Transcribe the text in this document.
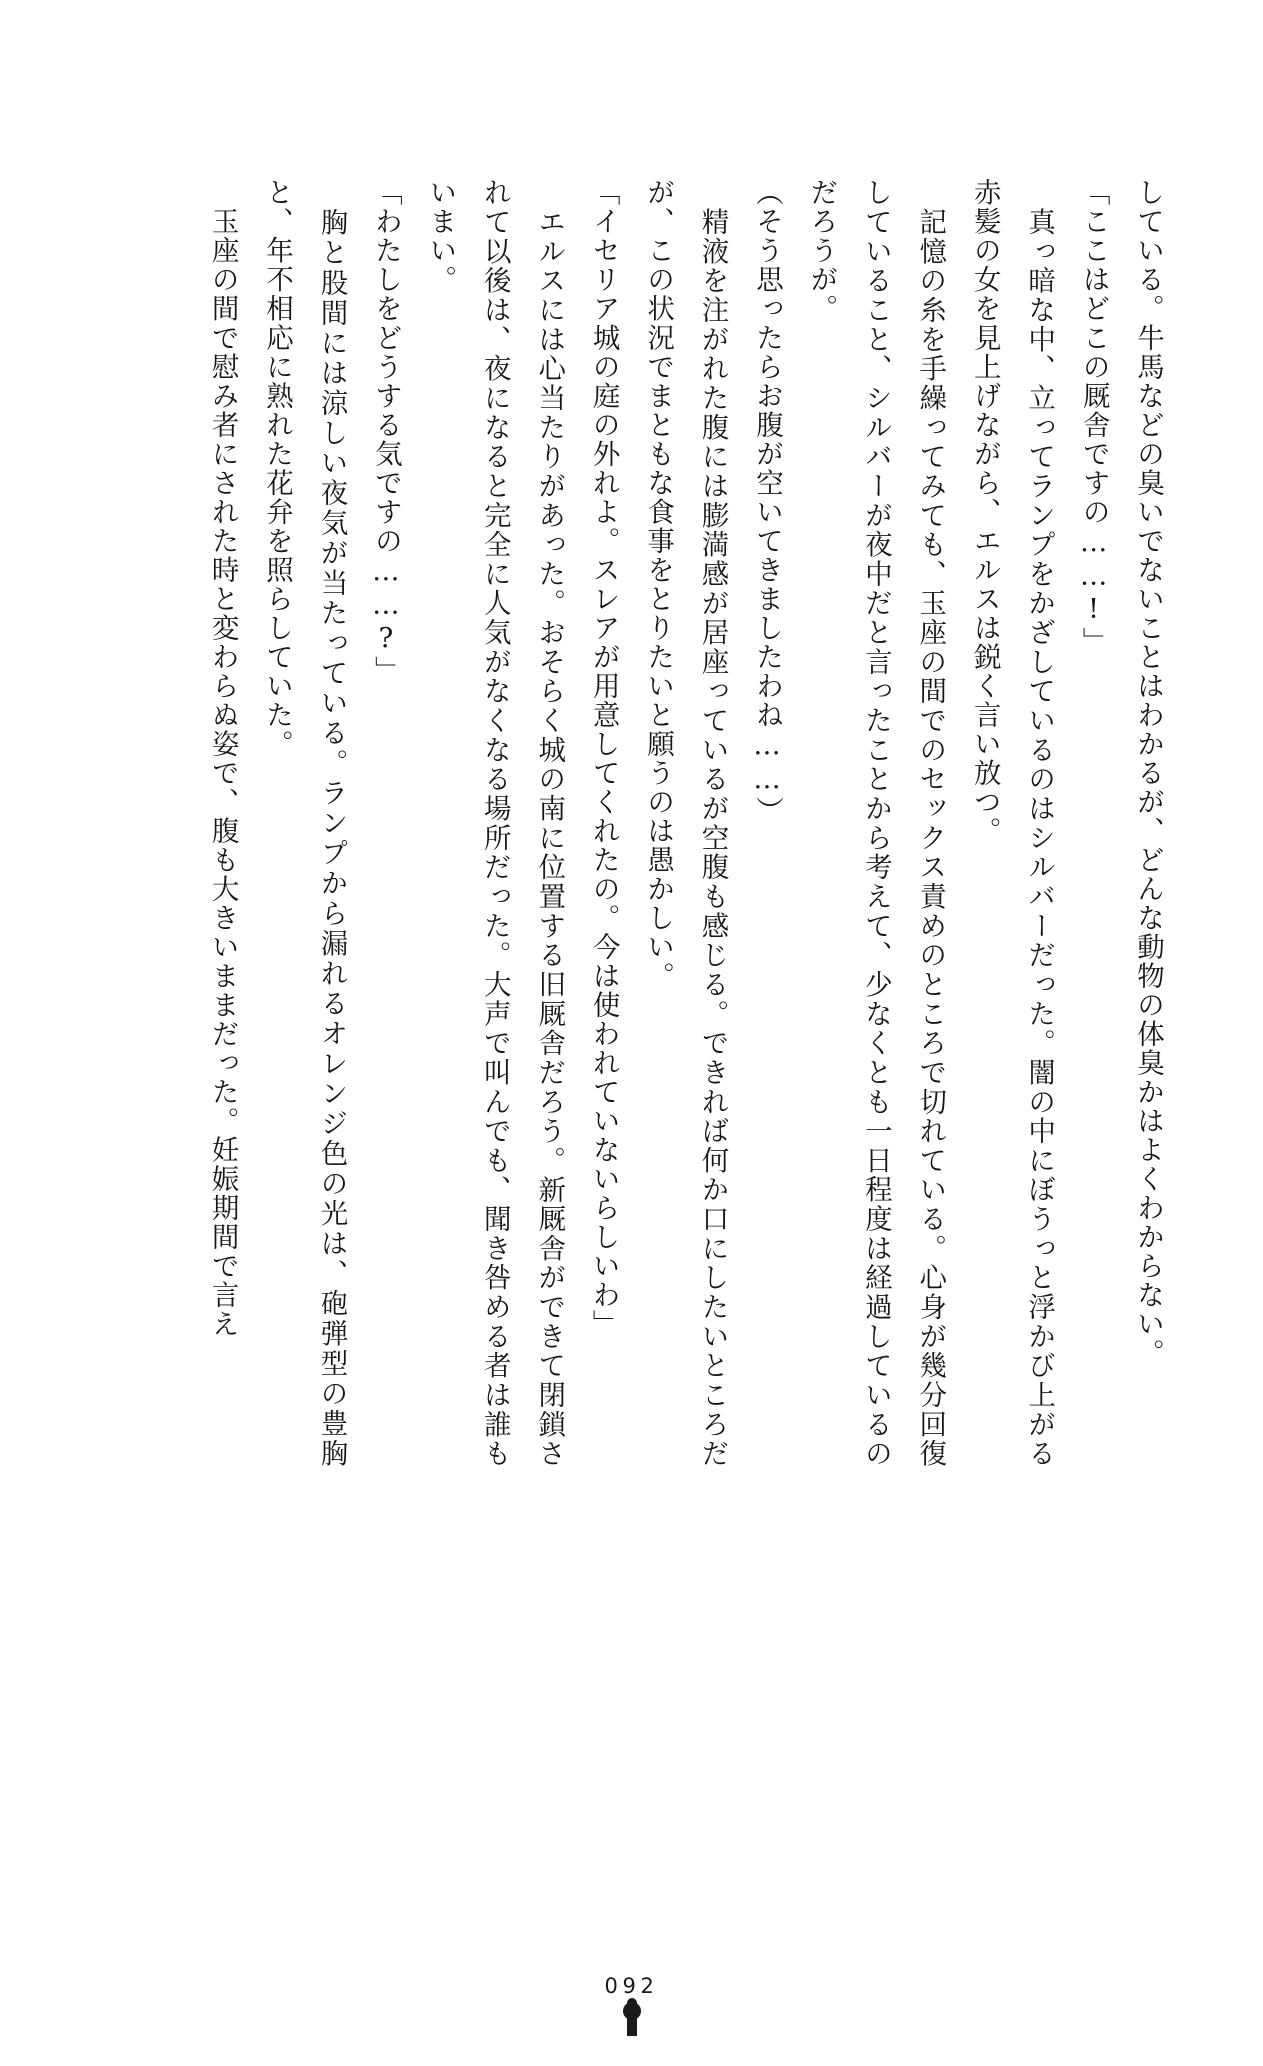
している。牛馬などの臭いでないことはわかるが、どんな動物の体臭かはよくわからない。

「ここはどこの厩舎ですの……!」

　真っ暗な中、立ってランプをかざしているのはシルバーだった。闇の中にぼうっと浮かび上がる赤髪の女を見上げながら、エルスは鋭く言い放つ。

　記憶の糸を手繰ってみても、玉座の間でのセックス責めのところで切れている。心身が幾分回復していること、シルバーが夜中だと言ったことから考えて、少なくとも一日程度は経過しているのだろうが。

（そう思ったらお腹が空いてきましたわね……）

　精液を注がれた腹には膨満感が居座っているが空腹も感じる。できれば何か口にしたいところだが、この状況でまともな食事をとりたいと願うのは愚かしい。

「イセリア城の庭の外れよ。スレアが用意してくれたの。今は使われていないらしいわ」

　エルスには心当たりがあった。おそらく城の南に位置する旧厩舎だろう。新厩舎ができて閉鎖されて以後は、夜になると完全に人気がなくなる場所だった。大声で叫んでも、聞き咎める者は誰もいまい。

「わたしをどうする気ですの……?」

　胸と股間には涼しい夜気が当たっている。ランプから漏れるオレンジ色の光は、砲弾型の豊胸と、年不相応に熟れた花弁を照らしていた。

　玉座の間で慰み者にされた時と変わらぬ姿で、腹も大きいままだった。妊娠期間で言え

092
